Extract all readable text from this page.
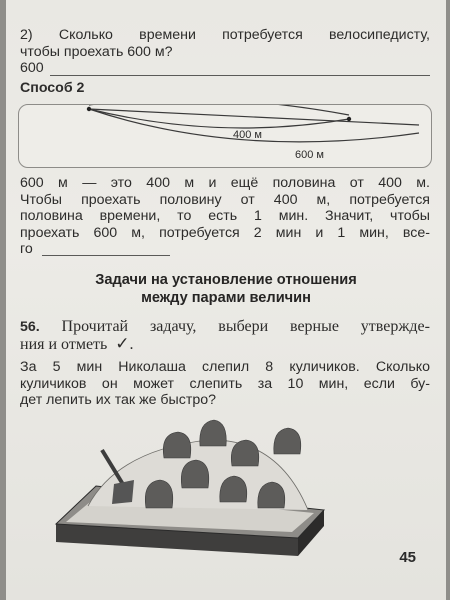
2) Сколько времени потребуется велосипедисту,
чтобы проехать 600 м?
600
Способ 2
400 м
600 м
600 м — это 400 м и ещё половина от 400 м.
Чтобы проехать половину от 400 м, потребуется
половина времени, то есть 1 мин. Значит, чтобы
проехать 600 м, потребуется 2 мин и 1 мин, все-
го
Задачи на установление отношения
между парами величин
56. Прочитай задачу, выбери верные утвержде-
ния и отметь ✓.
За 5 мин Николаша слепил 8 куличиков. Сколько
куличиков он может слепить за 10 мин, если бу-
дет лепить их так же быстро?
45
